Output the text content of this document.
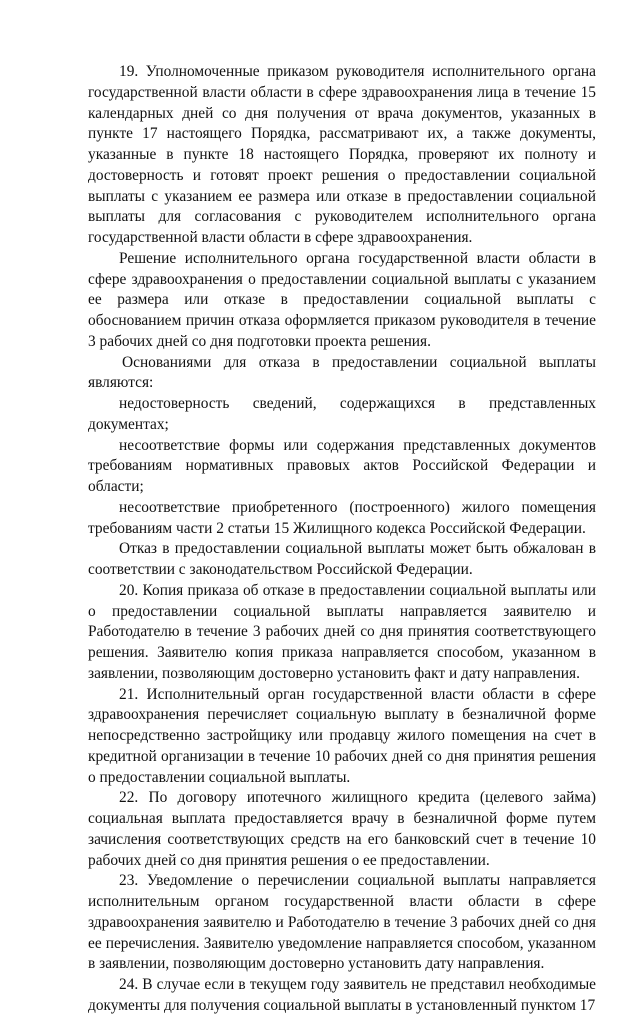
19. Уполномоченные приказом руководителя исполнительного органа государственной власти области в сфере здравоохранения лица в течение 15 календарных дней со дня получения от врача документов, указанных в пункте 17 настоящего Порядка, рассматривают их, а также документы, указанные в пункте 18 настоящего Порядка, проверяют их полноту и достоверность и готовят проект решения о предоставлении социальной выплаты с указанием ее размера или отказе в предоставлении социальной выплаты для согласования с руководителем исполнительного органа государственной власти области в сфере здравоохранения.

Решение исполнительного органа государственной власти области в сфере здравоохранения о предоставлении социальной выплаты с указанием ее размера или отказе в предоставлении социальной выплаты с обоснованием причин отказа оформляется приказом руководителя в течение 3 рабочих дней со дня подготовки проекта решения.

Основаниями для отказа в предоставлении социальной выплаты являются:

недостоверность сведений, содержащихся в представленных документах;

несоответствие формы или содержания представленных документов требованиям нормативных правовых актов Российской Федерации и области;

несоответствие приобретенного (построенного) жилого помещения требованиям части 2 статьи 15 Жилищного кодекса Российской Федерации.

Отказ в предоставлении социальной выплаты может быть обжалован в соответствии с законодательством Российской Федерации.

20. Копия приказа об отказе в предоставлении социальной выплаты или о предоставлении социальной выплаты направляется заявителю и Работодателю в течение 3 рабочих дней со дня принятия соответствующего решения. Заявителю копия приказа направляется способом, указанном в заявлении, позволяющим достоверно установить факт и дату направления.

21. Исполнительный орган государственной власти области в сфере здравоохранения перечисляет социальную выплату в безналичной форме непосредственно застройщику или продавцу жилого помещения на счет в кредитной организации в течение 10 рабочих дней со дня принятия решения о предоставлении социальной выплаты.

22. По договору ипотечного жилищного кредита (целевого займа) социальная выплата предоставляется врачу в безналичной форме путем зачисления соответствующих средств на его банковский счет в течение 10 рабочих дней со дня принятия решения о ее предоставлении.

23. Уведомление о перечислении социальной выплаты направляется исполнительным органом государственной власти области в сфере здравоохранения заявителю и Работодателю в течение 3 рабочих дней со дня ее перечисления. Заявителю уведомление направляется способом, указанном в заявлении, позволяющим достоверно установить дату направления.

24. В случае если в текущем году заявитель не представил необходимые документы для получения социальной выплаты в установленный пунктом 17
